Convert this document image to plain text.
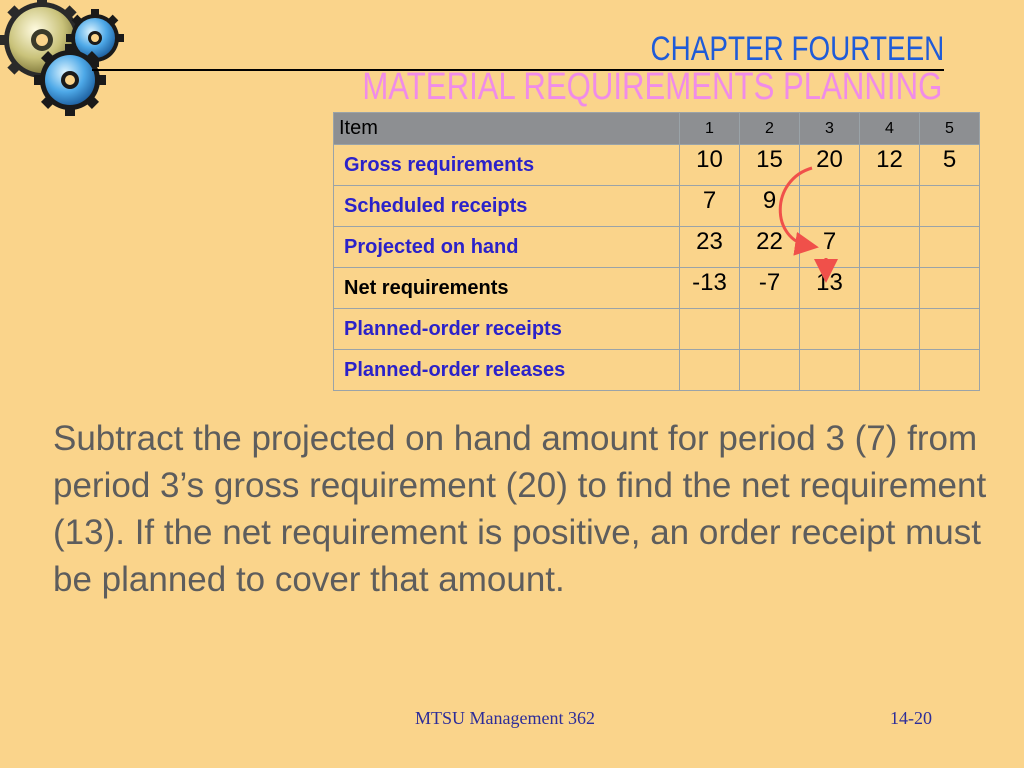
CHAPTER FOURTEEN
MATERIAL REQUIREMENTS PLANNING
Item	1	2	3	4	5
Gross requirements	10	15	20	12	5
Scheduled receipts	7	9			
Projected on hand	23	22	7		
Net requirements	-13	-7	13		
Planned-order receipts					
Planned-order releases					
Subtract the projected on hand amount for period 3 (7) from period 3’s gross requirement (20) to find the net requirement (13). If the net requirement is positive, an order receipt must be planned to cover that amount.
MTSU Management 362	14-20
